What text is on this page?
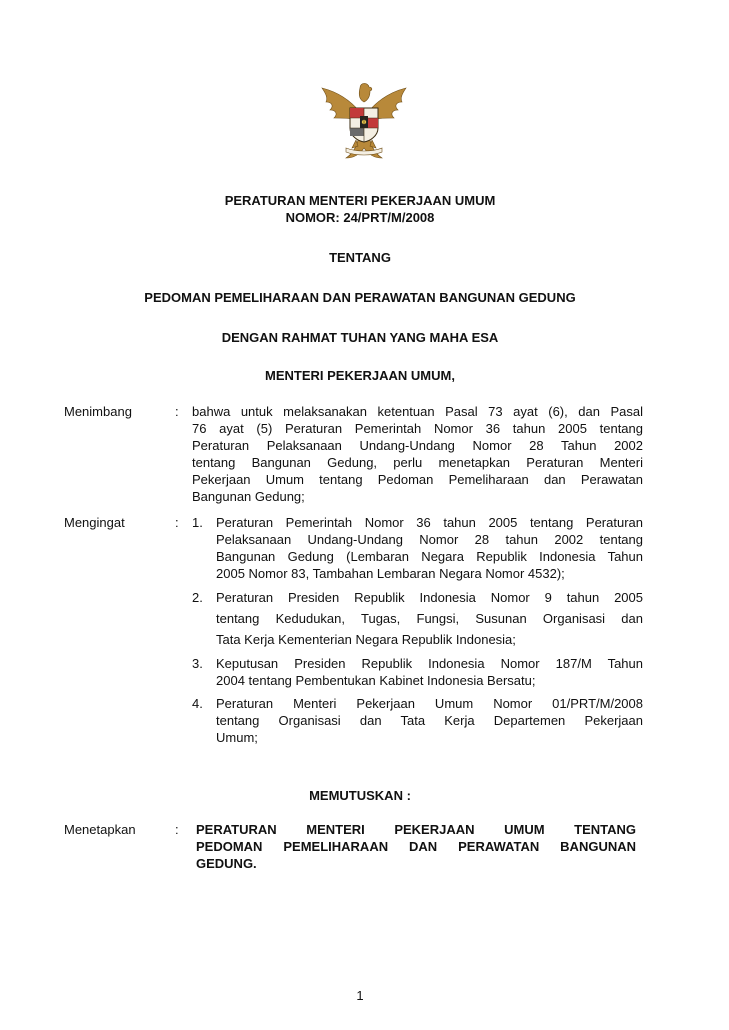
PERATURAN MENTERI PEKERJAAN UMUM
NOMOR: 24/PRT/M/2008
TENTANG
PEDOMAN PEMELIHARAAN DAN PERAWATAN BANGUNAN GEDUNG
DENGAN RAHMAT TUHAN YANG MAHA ESA
MENTERI PEKERJAAN UMUM,
Menimbang	: bahwa untuk melaksanakan ketentuan Pasal 73 ayat (6), dan Pasal
76 ayat (5) Peraturan Pemerintah Nomor 36 tahun 2005 tentang
Peraturan Pelaksanaan Undang-Undang Nomor 28 Tahun 2002
tentang Bangunan Gedung, perlu menetapkan Peraturan Menteri
Pekerjaan Umum tentang Pedoman Pemeliharaan dan Perawatan
Bangunan Gedung;
Mengingat	: 1. Peraturan Pemerintah Nomor 36 tahun 2005 tentang Peraturan
Pelaksanaan Undang-Undang Nomor 28 tahun 2002 tentang
Bangunan Gedung (Lembaran Negara Republik Indonesia Tahun
2005 Nomor 83, Tambahan Lembaran Negara Nomor 4532);
2. Peraturan Presiden Republik Indonesia Nomor 9 tahun 2005
tentang Kedudukan, Tugas, Fungsi, Susunan Organisasi dan
Tata Kerja Kementerian Negara Republik Indonesia;
3. Keputusan Presiden Republik Indonesia Nomor 187/M Tahun
2004 tentang Pembentukan Kabinet Indonesia Bersatu;
4. Peraturan Menteri Pekerjaan Umum Nomor 01/PRT/M/2008
tentang Organisasi dan Tata Kerja Departemen Pekerjaan
Umum;
MEMUTUSKAN :
Menetapkan	: PERATURAN MENTERI PEKERJAAN UMUM TENTANG
PEDOMAN PEMELIHARAAN DAN PERAWATAN BANGUNAN
GEDUNG.
1
